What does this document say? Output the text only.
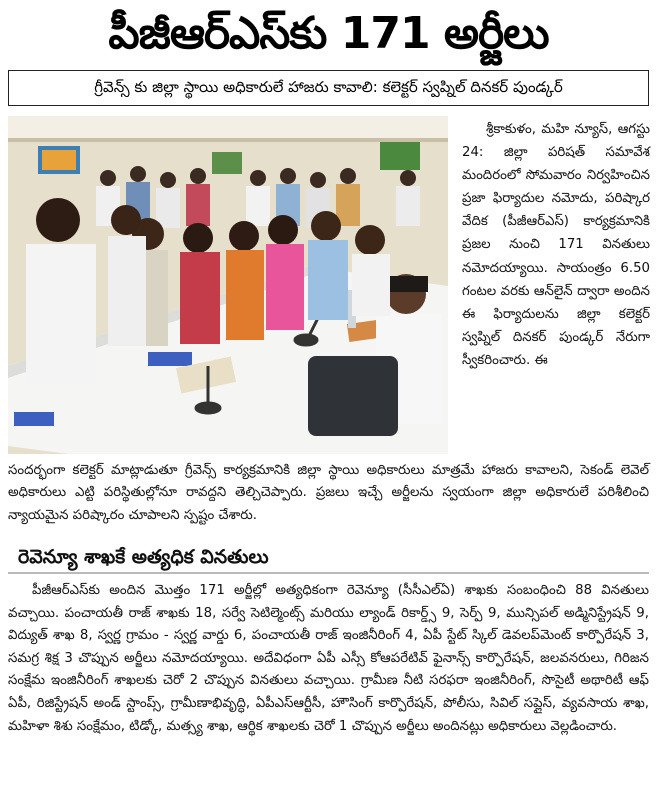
పీజీఆర్ఎస్‌కు 171 అర్జీలు
గ్రీవెన్స్ కు జిల్లా స్థాయి అధికారులే హాజరు కావాలి: కలెక్టర్ స్వప్నిల్ దినకర్ పుండ్కర్

శ్రీకాకుళం, మహి న్యూస్, ఆగస్టు 24: జిల్లా పరిషత్ సమావేశ మందిరంలో సోమవారం నిర్వహించిన ప్రజా ఫిర్యాదుల నమోదు, పరిష్కార వేదిక (పీజీఆర్ఎస్) కార్యక్రమానికి ప్రజల నుంచి 171 వినతులు నమోదయ్యాయి. సాయంత్రం 6.50 గంటల వరకు ఆన్‌లైన్ ద్వారా అందిన ఈ ఫిర్యాదులను జిల్లా కలెక్టర్ స్వప్నిల్ దినకర్ పుండ్కర్ నేరుగా స్వీకరించారు. ఈ

సందర్భంగా కలెక్టర్ మాట్లాడుతూ గ్రీవెన్స్ కార్యక్రమానికి జిల్లా స్థాయి అధికారులు మాత్రమే హాజరు కావాలని, సెకండ్ లెవెల్ అధికారులు ఎట్టి పరిస్థితుల్లోనూ రావద్దని తెల్చిచెప్పారు. ప్రజలు ఇచ్చే అర్జీలను స్వయంగా జిల్లా అధికారులే పరిశీలించి న్యాయమైన పరిష్కారం చూపాలని స్పష్టం చేశారు.

రెవెన్యూ శాఖకే అత్యధిక వినతులు

పీజీఆర్ఎస్‌కు అందిన మొత్తం 171 అర్జీల్లో అత్యధికంగా రెవెన్యూ (సీసీఎల్ఏ) శాఖకు సంబంధించి 88 వినతులు వచ్చాయి. పంచాయతీ రాజ్ శాఖకు 18, సర్వే సెటిల్మెంట్స్ మరియు ల్యాండ్ రికార్డ్స్ 9, సెర్ప్ 9, మున్సిపల్ అడ్మినిస్ట్రేషన్ 9, విద్యుత్ శాఖ 8, స్వర్ణ గ్రామం - స్వర్ణ వార్డు 6, పంచాయతీ రాజ్ ఇంజినీరింగ్ 4, ఏపీ స్టేట్ స్కిల్ డెవలప్‌మెంట్ కార్పొరేషన్ 3, సమగ్ర శిక్ష 3 చొప్పున అర్జీలు నమోదయ్యాయి. అదేవిధంగా ఏపీ ఎస్సీ కోఆపరేటివ్ ఫైనాన్స్ కార్పొరేషన్, జలవనరులు, గిరిజన సంక్షేమ ఇంజినీరింగ్ శాఖలకు చెరో 2 చొప్పున వినతులు వచ్చాయి. గ్రామీణ నీటి సరఫరా ఇంజినీరింగ్, సొసైటీ అథారిటీ ఆఫ్ ఏపీ, రిజిస్ట్రేషన్ అండ్ స్టాంప్స్, గ్రామీణాభివృద్ధి, ఏపీఎస్ఆర్టీసీ, హౌసింగ్ కార్పొరేషన్, పోలీసు, సివిల్ సప్లైస్, వ్యవసాయ శాఖ, మహిళా శిశు సంక్షేమం, టిడ్కో, మత్స్య శాఖ, ఆర్థిక శాఖలకు చెరో 1 చొప్పున అర్జీలు అందినట్లు అధికారులు వెల్లడించారు.
